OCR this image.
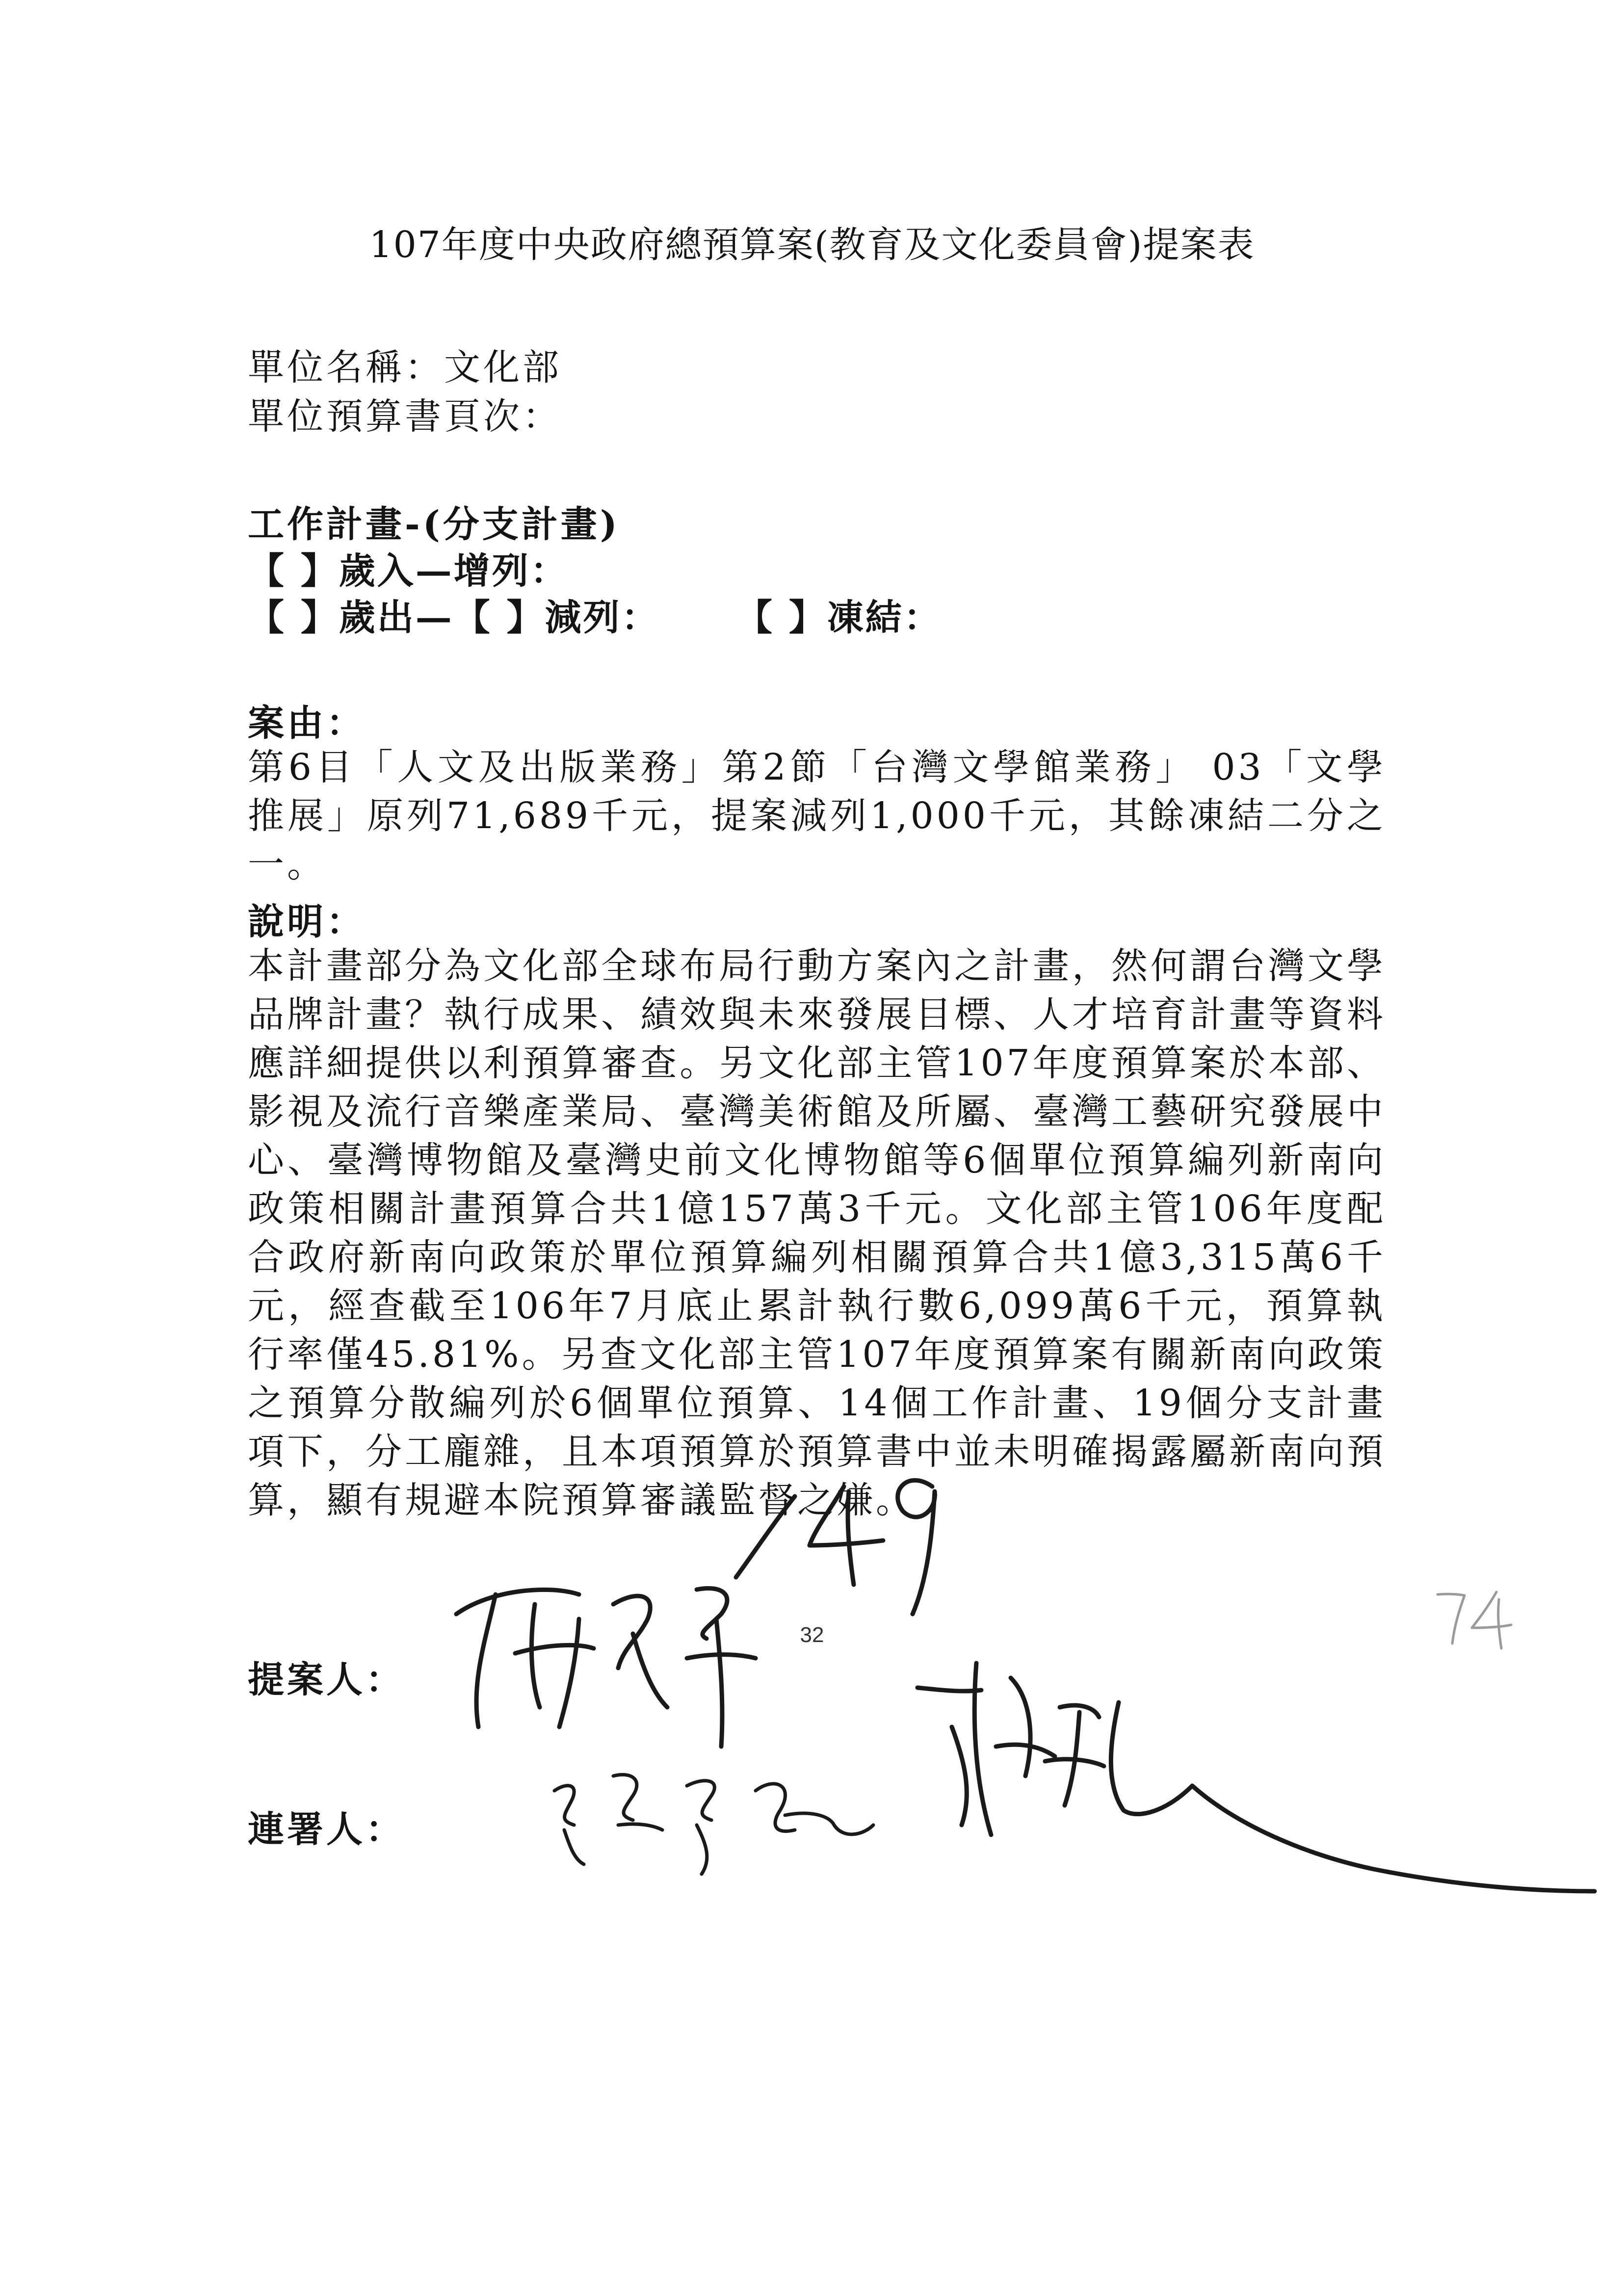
107年度中央政府總預算案(教育及文化委員會)提案表
單位名稱：文化部
單位預算書頁次：
工作計畫-(分支計畫)
【 】歲入—增列：
【 】歲出—【 】減列： 【 】凍結：
案由：
第6目「人文及出版業務」第2節「台灣文學館業務」 03「文學推展」原列71,689千元，提案減列1,000千元，其餘凍結二分之一。
說明：
本計畫部分為文化部全球布局行動方案內之計畫，然何謂台灣文學品牌計畫？執行成果、績效與未來發展目標、人才培育計畫等資料應詳細提供以利預算審查。另文化部主管107年度預算案於本部、影視及流行音樂產業局、臺灣美術館及所屬、臺灣工藝研究發展中心、臺灣博物館及臺灣史前文化博物館等6個單位預算編列新南向政策相關計畫預算合共1億157萬3千元。文化部主管106年度配合政府新南向政策於單位預算編列相關預算合共1億3,315萬6千元，經查截至106年7月底止累計執行數6,099萬6千元，預算執行率僅45.81%。另查文化部主管107年度預算案有關新南向政策之預算分散編列於6個單位預算、14個工作計畫、19個分支計畫項下，分工龐雜，且本項預算於預算書中並未明確揭露屬新南向預算，顯有規避本院預算審議監督之嫌。
提案人：
連署人：
32
